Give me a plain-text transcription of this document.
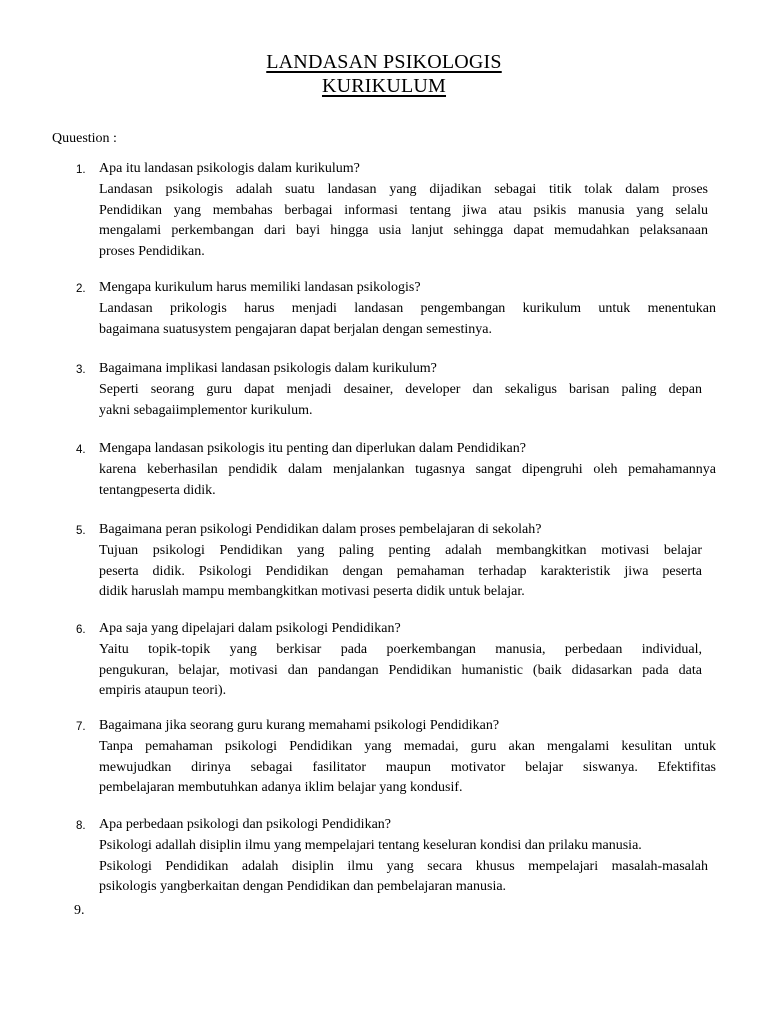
LANDASAN PSIKOLOGIS
KURIKULUM
Quuestion :
1. Apa itu landasan psikologis dalam kurikulum?
Landasan psikologis adalah suatu landasan yang dijadikan sebagai titik tolak dalam proses
Pendidikan yang membahas berbagai informasi tentang jiwa atau psikis manusia yang selalu
mengalami perkembangan dari bayi hingga usia lanjut sehingga dapat memudahkan pelaksanaan
proses Pendidikan.
2. Mengapa kurikulum harus memiliki landasan psikologis?
Landasan prikologis harus menjadi landasan pengembangan kurikulum untuk menentukan
bagaimana suatusystem pengajaran dapat berjalan dengan semestinya.
3. Bagaimana implikasi landasan psikologis dalam kurikulum?
Seperti seorang guru dapat menjadi desainer, developer dan sekaligus barisan paling depan
yakni sebagaiimplementor kurikulum.
4. Mengapa landasan psikologis itu penting dan diperlukan dalam Pendidikan?
karena keberhasilan pendidik dalam menjalankan tugasnya sangat dipengruhi oleh pemahamannya
tentangpeserta didik.
5. Bagaimana peran psikologi Pendidikan dalam proses pembelajaran di sekolah?
Tujuan psikologi Pendidikan yang paling penting adalah membangkitkan motivasi belajar
peserta didik. Psikologi Pendidikan dengan pemahaman terhadap karakteristik jiwa peserta
didik haruslah mampu membangkitkan motivasi peserta didik untuk belajar.
6. Apa saja yang dipelajari dalam psikologi Pendidikan?
Yaitu topik-topik yang berkisar pada poerkembangan manusia, perbedaan individual,
pengukuran, belajar, motivasi dan pandangan Pendidikan humanistic (baik didasarkan pada data
empiris ataupun teori).
7. Bagaimana jika seorang guru kurang memahami psikologi Pendidikan?
Tanpa pemahaman psikologi Pendidikan yang memadai, guru akan mengalami kesulitan untuk
mewujudkan dirinya sebagai fasilitator maupun motivator belajar siswanya. Efektifitas
pembelajaran membutuhkan adanya iklim belajar yang kondusif.
8. Apa perbedaan psikologi dan psikologi Pendidikan?
Psikologi adallah disiplin ilmu yang mempelajari tentang keseluran kondisi dan prilaku manusia.
Psikologi Pendidikan adalah disiplin ilmu yang secara khusus mempelajari masalah-masalah
psikologis yangberkaitan dengan Pendidikan dan pembelajaran manusia.
9.
